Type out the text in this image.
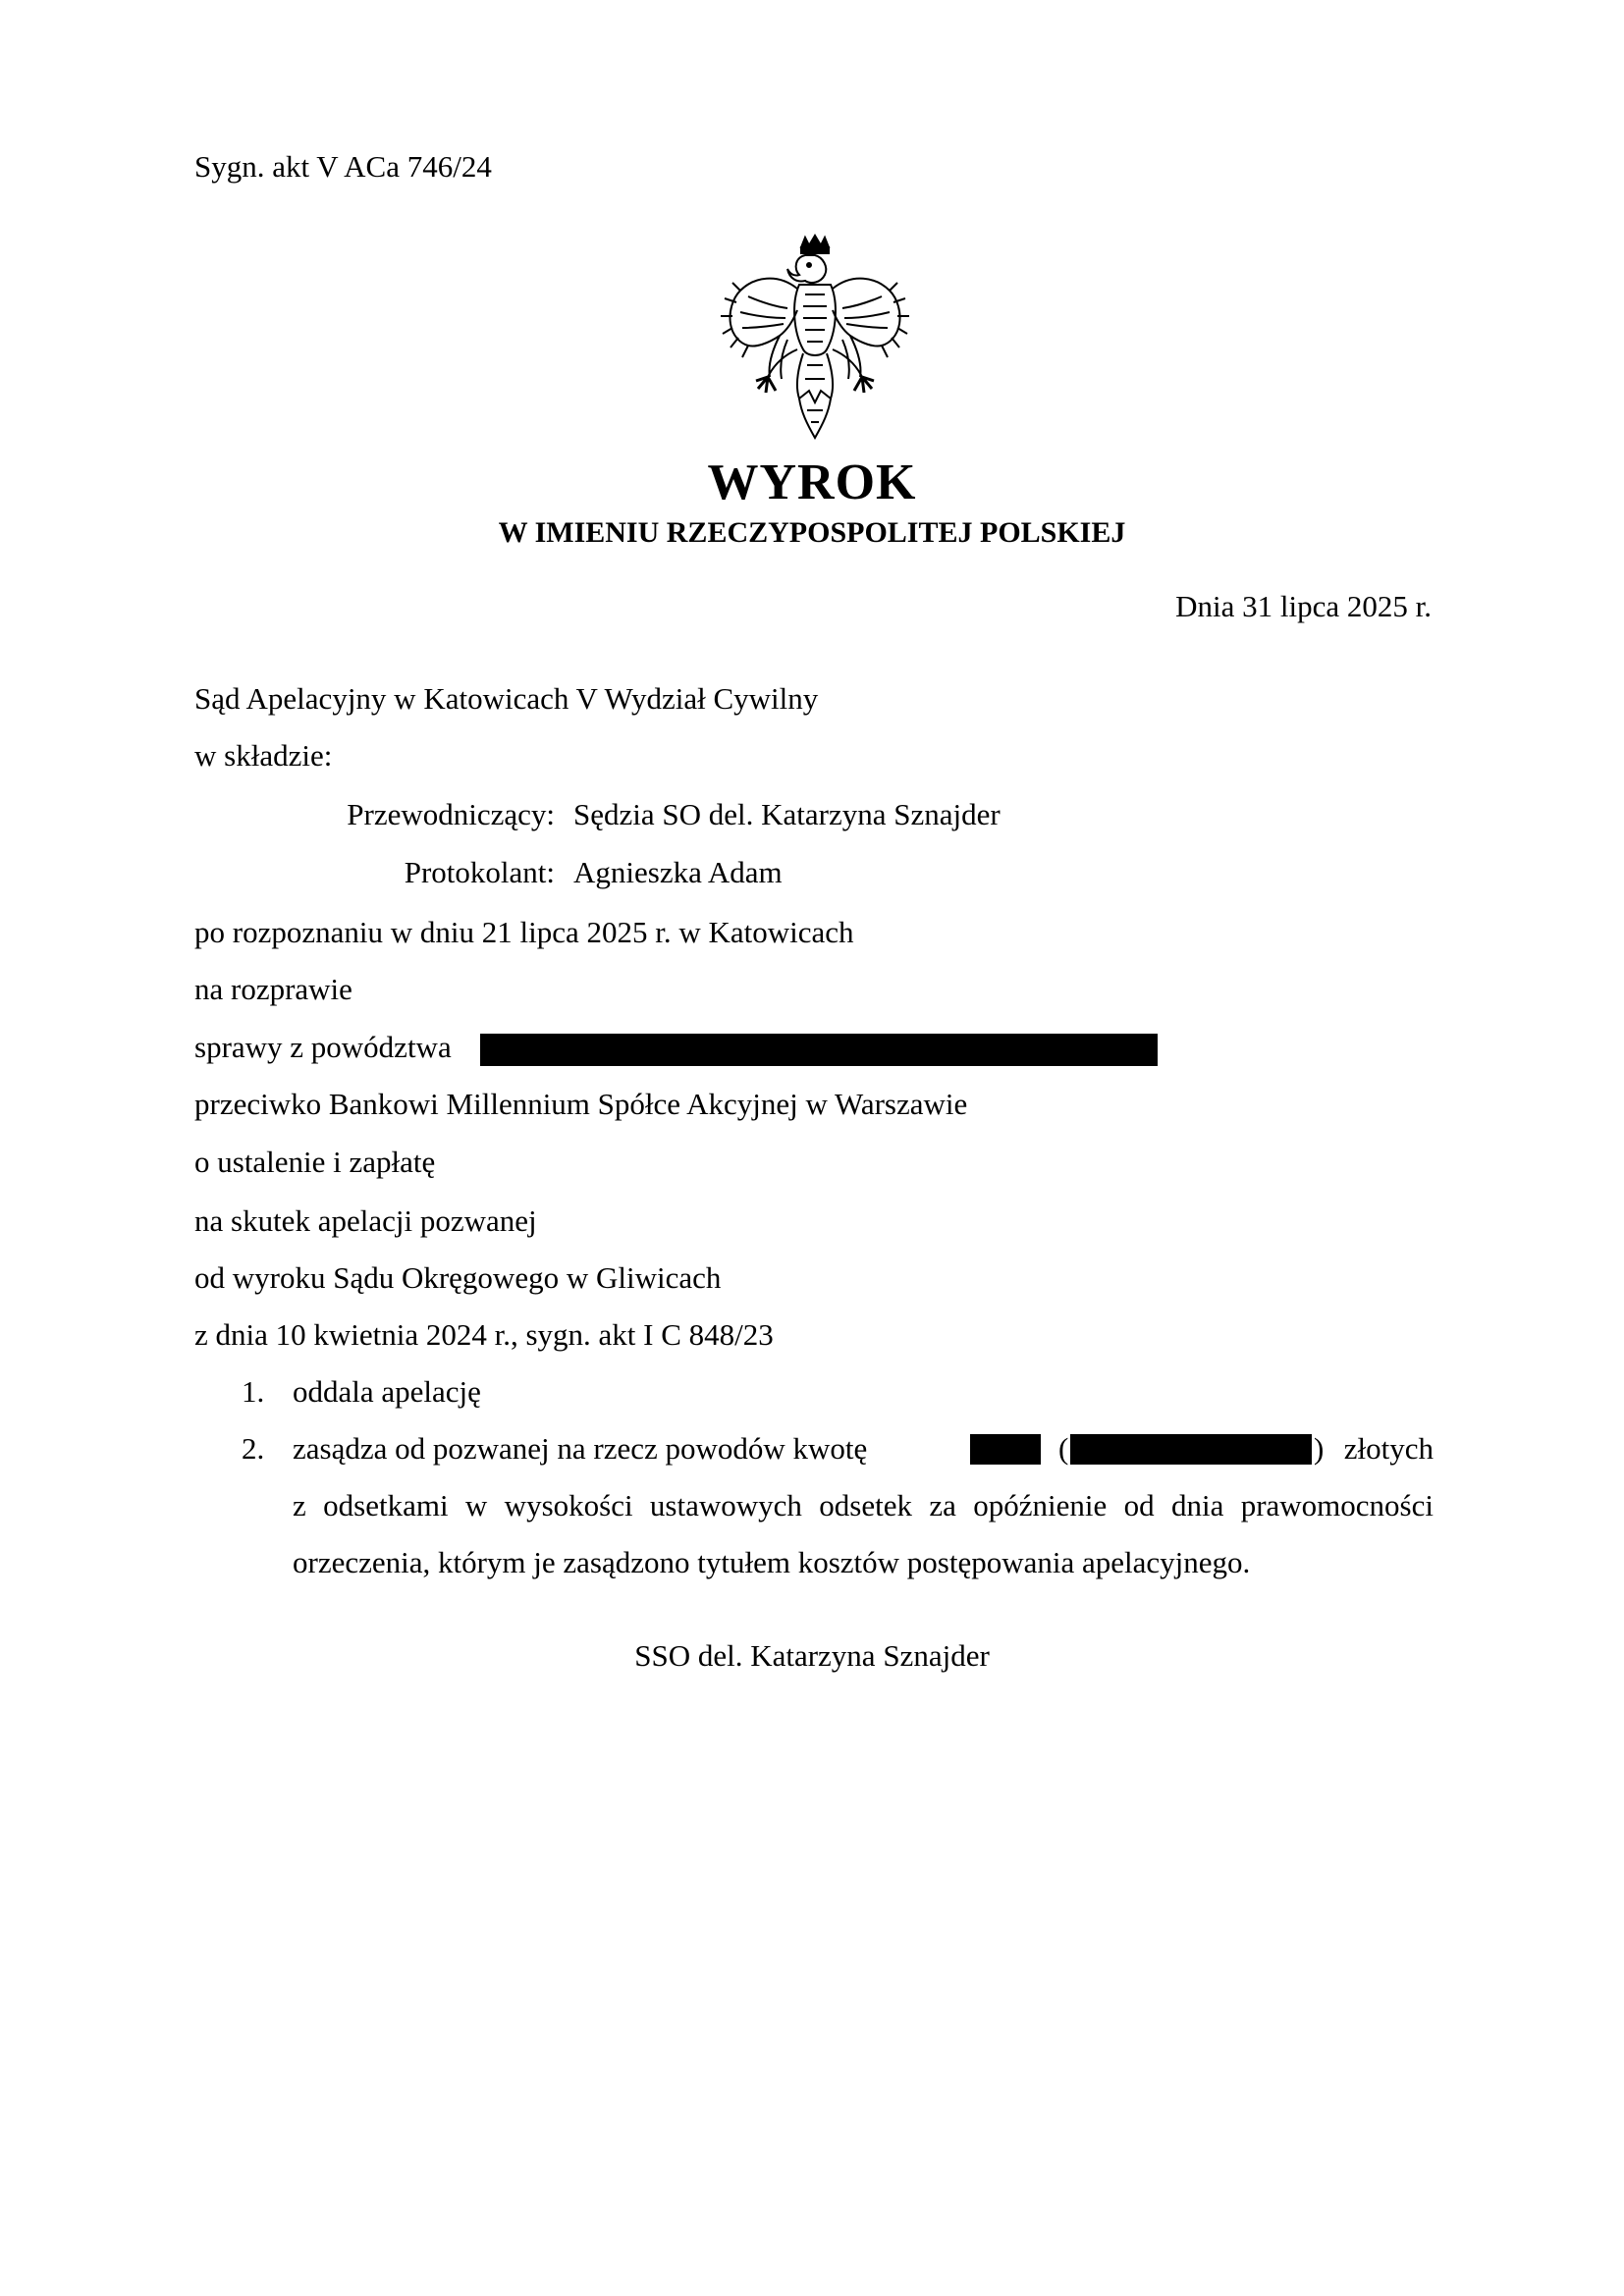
Sygn. akt V ACa 746/24
WYROK
W IMIENIU RZECZYPOSPOLITEJ POLSKIEJ
Dnia 31 lipca 2025 r.
Sąd Apelacyjny w Katowicach V Wydział Cywilny
w składzie:
Przewodniczący: Sędzia SO del. Katarzyna Sznajder
Protokolant: Agnieszka Adam
po rozpoznaniu w dniu 21 lipca 2025 r. w Katowicach
na rozprawie
sprawy z powództwa
przeciwko Bankowi Millennium Spółce Akcyjnej w Warszawie
o ustalenie i zapłatę
na skutek apelacji pozwanej
od wyroku Sądu Okręgowego w Gliwicach
z dnia 10 kwietnia 2024 r., sygn. akt I C 848/23
1. oddala apelację
2. zasądza od pozwanej na rzecz powodów kwotę	(	) złotych
z odsetkami w wysokości ustawowych odsetek za opóźnienie od dnia prawomocności
orzeczenia, którym je zasądzono tytułem kosztów postępowania apelacyjnego.
SSO del. Katarzyna Sznajder
